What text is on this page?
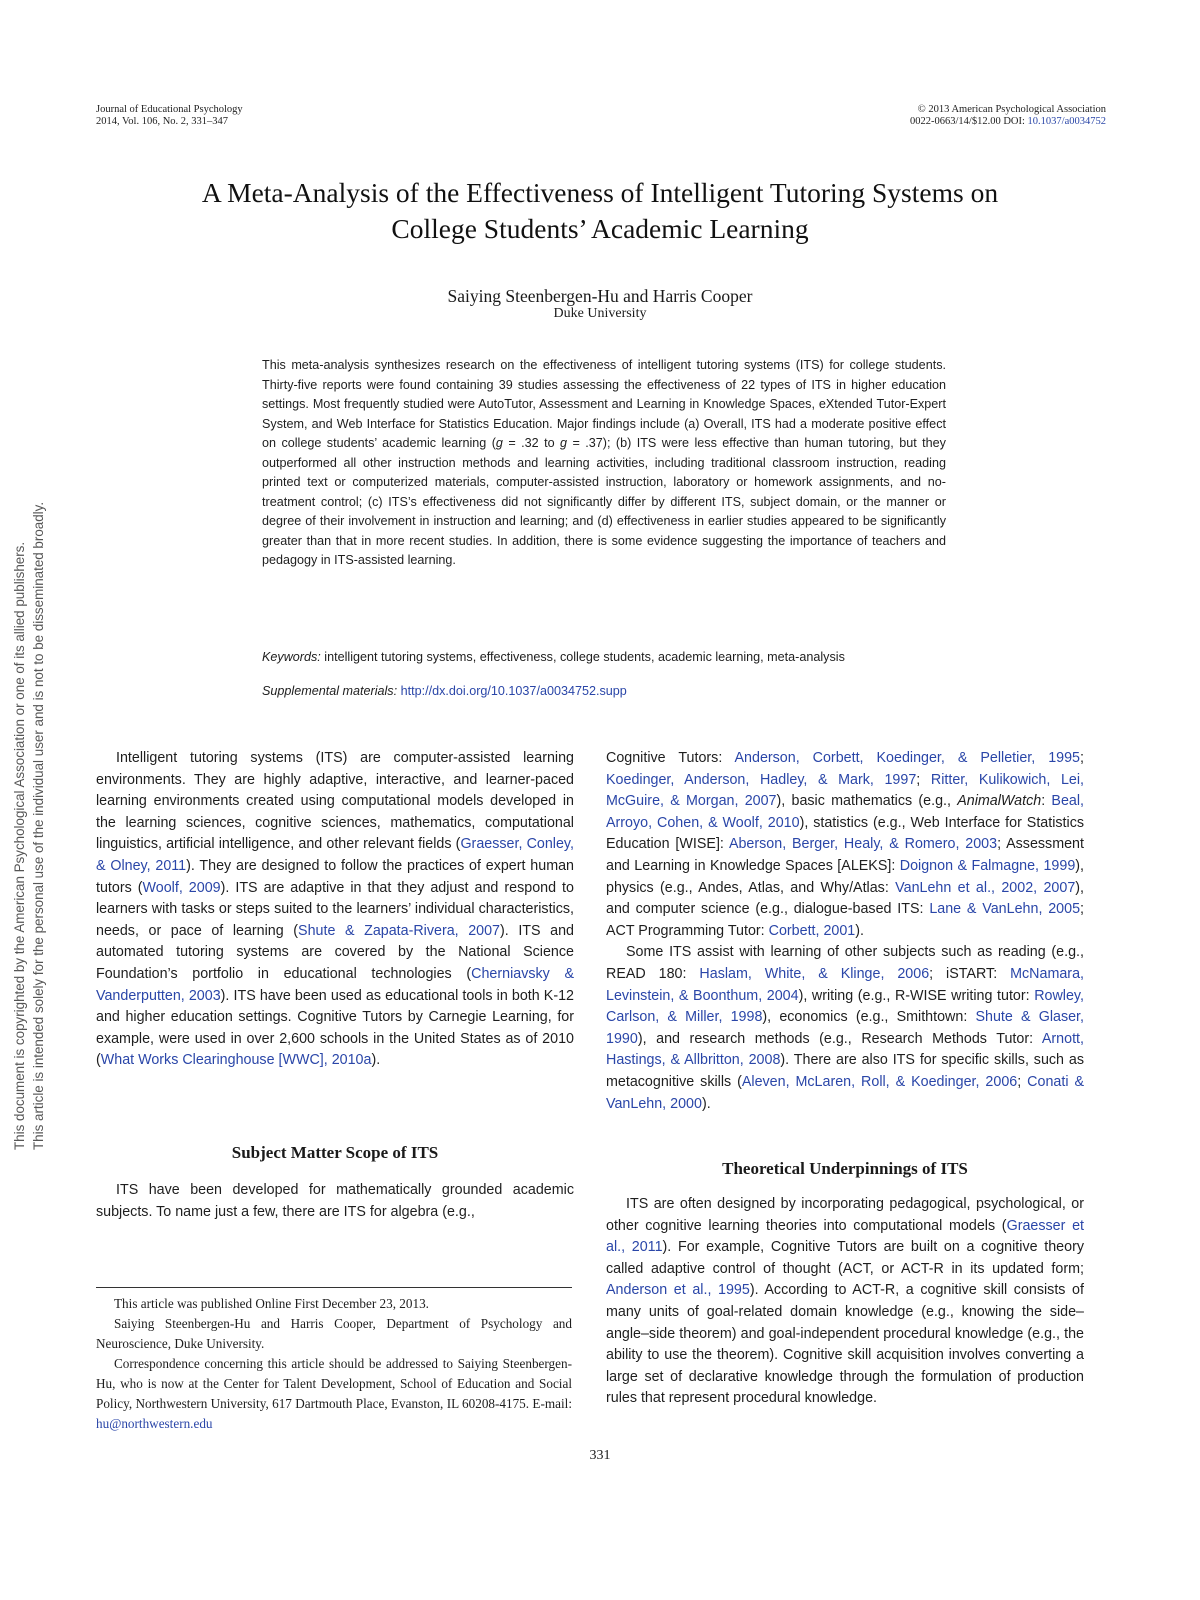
Journal of Educational Psychology
2014, Vol. 106, No. 2, 331–347
© 2013 American Psychological Association
0022-0663/14/$12.00 DOI: 10.1037/a0034752
A Meta-Analysis of the Effectiveness of Intelligent Tutoring Systems on
College Students’ Academic Learning
Saiying Steenbergen-Hu and Harris Cooper
Duke University
This meta-analysis synthesizes research on the effectiveness of intelligent tutoring systems (ITS) for college students. Thirty-five reports were found containing 39 studies assessing the effectiveness of 22 types of ITS in higher education settings. Most frequently studied were AutoTutor, Assessment and Learning in Knowledge Spaces, eXtended Tutor-Expert System, and Web Interface for Statistics Education. Major findings include (a) Overall, ITS had a moderate positive effect on college students’ academic learning (g = .32 to g = .37); (b) ITS were less effective than human tutoring, but they outperformed all other instruction methods and learning activities, including traditional classroom instruction, reading printed text or computerized materials, computer-assisted instruction, laboratory or homework assignments, and no-treatment control; (c) ITS’s effectiveness did not significantly differ by different ITS, subject domain, or the manner or degree of their involvement in instruction and learning; and (d) effectiveness in earlier studies appeared to be significantly greater than that in more recent studies. In addition, there is some evidence suggesting the importance of teachers and pedagogy in ITS-assisted learning.
Keywords: intelligent tutoring systems, effectiveness, college students, academic learning, meta-analysis
Supplemental materials: http://dx.doi.org/10.1037/a0034752.supp

Intelligent tutoring systems (ITS) are computer-assisted learning environments. They are highly adaptive, interactive, and learner-paced learning environments created using computational models developed in the learning sciences, cognitive sciences, mathematics, computational linguistics, artificial intelligence, and other relevant fields (Graesser, Conley, & Olney, 2011). They are designed to follow the practices of expert human tutors (Woolf, 2009). ITS are adaptive in that they adjust and respond to learners with tasks or steps suited to the learners’ individual characteristics, needs, or pace of learning (Shute & Zapata-Rivera, 2007). ITS and automated tutoring systems are covered by the National Science Foundation’s portfolio in educational technologies (Cherniavsky & Vanderputten, 2003). ITS have been used as educational tools in both K-12 and higher education settings. Cognitive Tutors by Carnegie Learning, for example, were used in over 2,600 schools in the United States as of 2010 (What Works Clearinghouse [WWC], 2010a).

Subject Matter Scope of ITS

ITS have been developed for mathematically grounded academic subjects. To name just a few, there are ITS for algebra (e.g.,

This article was published Online First December 23, 2013.

Saiying Steenbergen-Hu and Harris Cooper, Department of Psychology and Neuroscience, Duke University.

Correspondence concerning this article should be addressed to Saiying Steenbergen-Hu, who is now at the Center for Talent Development, School of Education and Social Policy, Northwestern University, 617 Dartmouth Place, Evanston, IL 60208-4175. E-mail: hu@northwestern.edu

Cognitive Tutors: Anderson, Corbett, Koedinger, & Pelletier, 1995; Koedinger, Anderson, Hadley, & Mark, 1997; Ritter, Kulikowich, Lei, McGuire, & Morgan, 2007), basic mathematics (e.g., AnimalWatch: Beal, Arroyo, Cohen, & Woolf, 2010), statistics (e.g., Web Interface for Statistics Education [WISE]: Aberson, Berger, Healy, & Romero, 2003; Assessment and Learning in Knowledge Spaces [ALEKS]: Doignon & Falmagne, 1999), physics (e.g., Andes, Atlas, and Why/Atlas: VanLehn et al., 2002, 2007), and computer science (e.g., dialogue-based ITS: Lane & VanLehn, 2005; ACT Programming Tutor: Corbett, 2001).

Some ITS assist with learning of other subjects such as reading (e.g., READ 180: Haslam, White, & Klinge, 2006; iSTART: McNamara, Levinstein, & Boonthum, 2004), writing (e.g., R-WISE writing tutor: Rowley, Carlson, & Miller, 1998), economics (e.g., Smithtown: Shute & Glaser, 1990), and research methods (e.g., Research Methods Tutor: Arnott, Hastings, & Allbritton, 2008). There are also ITS for specific skills, such as metacognitive skills (Aleven, McLaren, Roll, & Koedinger, 2006; Conati & VanLehn, 2000).

Theoretical Underpinnings of ITS

ITS are often designed by incorporating pedagogical, psychological, or other cognitive learning theories into computational models (Graesser et al., 2011). For example, Cognitive Tutors are built on a cognitive theory called adaptive control of thought (ACT, or ACT-R in its updated form; Anderson et al., 1995). According to ACT-R, a cognitive skill consists of many units of goal-related domain knowledge (e.g., knowing the side–angle–side theorem) and goal-independent procedural knowledge (e.g., the ability to use the theorem). Cognitive skill acquisition involves converting a large set of declarative knowledge through the formulation of production rules that represent procedural knowledge.

331
This document is copyrighted by the American Psychological Association or one of its allied publishers. This article is intended solely for the personal use of the individual user and is not to be disseminated broadly.
